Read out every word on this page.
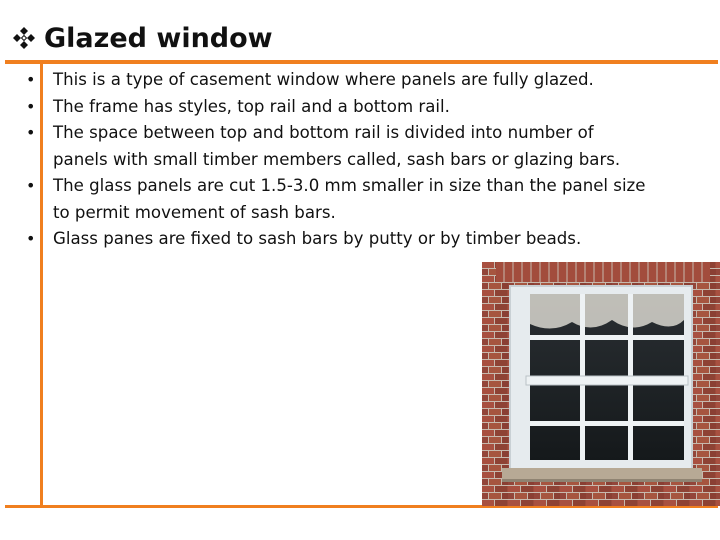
Glazed window
• This is a type of casement window where panels are fully glazed.
• The frame has styles, top rail and a bottom rail.
• The space between top and bottom rail is divided into number of panels with small timber members called, sash bars or glazing bars.
• The glass panels are cut 1.5-3.0 mm smaller in size than the panel size to permit movement of sash bars.
• Glass panes are fixed to sash bars by putty or by timber beads.
